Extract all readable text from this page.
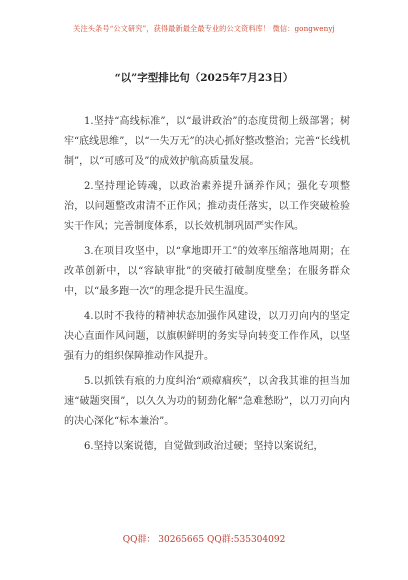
关注头条号“公文研究”，获得最新最全最专业的公文资料库！ 微信：gongwenyj
“以”字型排比句（2025年7月23日）

1.坚持“高线标准”，以“最讲政治”的态度贯彻上级部署；树牢“底线思维”，以“一失万无”的决心抓好整改整治；完善“长线机制”，以“可感可及”的成效护航高质量发展。

2.坚持理论铸魂，以政治素养提升涵养作风；强化专项整治，以问题整改肃清不正作风；推动责任落实，以工作突破检验实干作风；完善制度体系，以长效机制巩固严实作风。

3.在项目攻坚中，以“拿地即开工”的效率压缩落地周期；在改革创新中，以“容缺审批”的突破打破制度壁垒；在服务群众中，以“最多跑一次”的理念提升民生温度。

4.以时不我待的精神状态加强作风建设，以刀刃向内的坚定决心直面作风问题，以旗帜鲜明的务实导向转变工作作风，以坚强有力的组织保障推动作风提升。

5.以抓铁有痕的力度纠治“顽瘴痼疾”，以舍我其谁的担当加速“破题突围”，以久久为功的韧劲化解“急难愁盼”，以刀刃向内的决心深化“标本兼治”。

6.坚持以案说德，自觉做到政治过硬；坚持以案说纪，

QQ群： 30265665 QQ群:535304092
